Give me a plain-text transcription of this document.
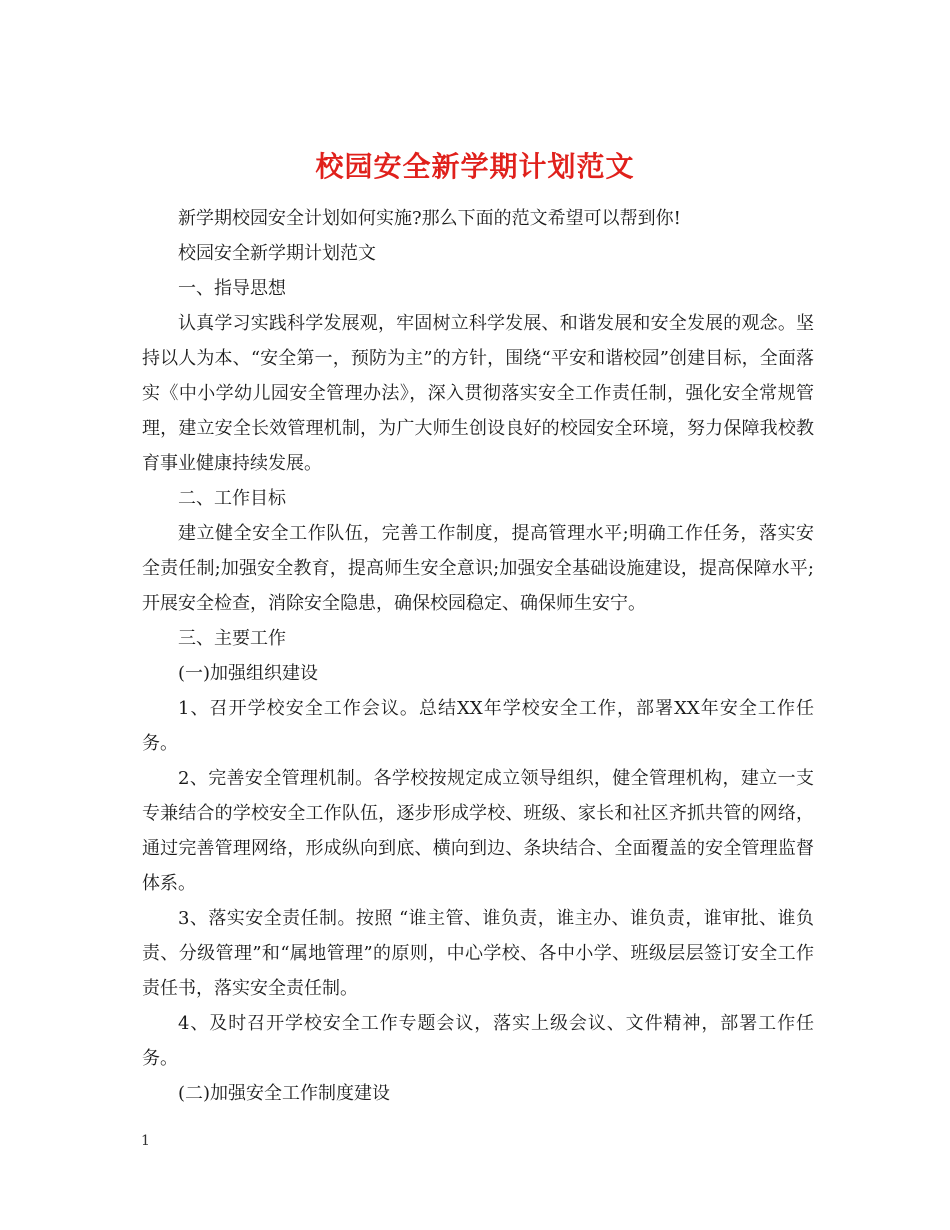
校园安全新学期计划范文

新学期校园安全计划如何实施?那么下面的范文希望可以帮到你!

校园安全新学期计划范文

一、指导思想

认真学习实践科学发展观，牢固树立科学发展、和谐发展和安全发展的观念。坚持以人为本、“安全第一，预防为主”的方针，围绕“平安和谐校园”创建目标，全面落实《中小学幼儿园安全管理办法》，深入贯彻落实安全工作责任制，强化安全常规管理，建立安全长效管理机制，为广大师生创设良好的校园安全环境，努力保障我校教育事业健康持续发展。

二、工作目标

建立健全安全工作队伍，完善工作制度，提高管理水平;明确工作任务，落实安全责任制;加强安全教育，提高师生安全意识;加强安全基础设施建设，提高保障水平;开展安全检查，消除安全隐患，确保校园稳定、确保师生安宁。

三、主要工作

(一)加强组织建设

1、召开学校安全工作会议。总结XX年学校安全工作，部署XX年安全工作任务。

2、完善安全管理机制。各学校按规定成立领导组织，健全管理机构，建立一支专兼结合的学校安全工作队伍，逐步形成学校、班级、家长和社区齐抓共管的网络，通过完善管理网络，形成纵向到底、横向到边、条块结合、全面覆盖的安全管理监督体系。

3、落实安全责任制。按照 “谁主管、谁负责，谁主办、谁负责，谁审批、谁负责、分级管理”和“属地管理”的原则，中心学校、各中小学、班级层层签订安全工作责任书，落实安全责任制。

4、及时召开学校安全工作专题会议，落实上级会议、文件精神，部署工作任务。

(二)加强安全工作制度建设

1
